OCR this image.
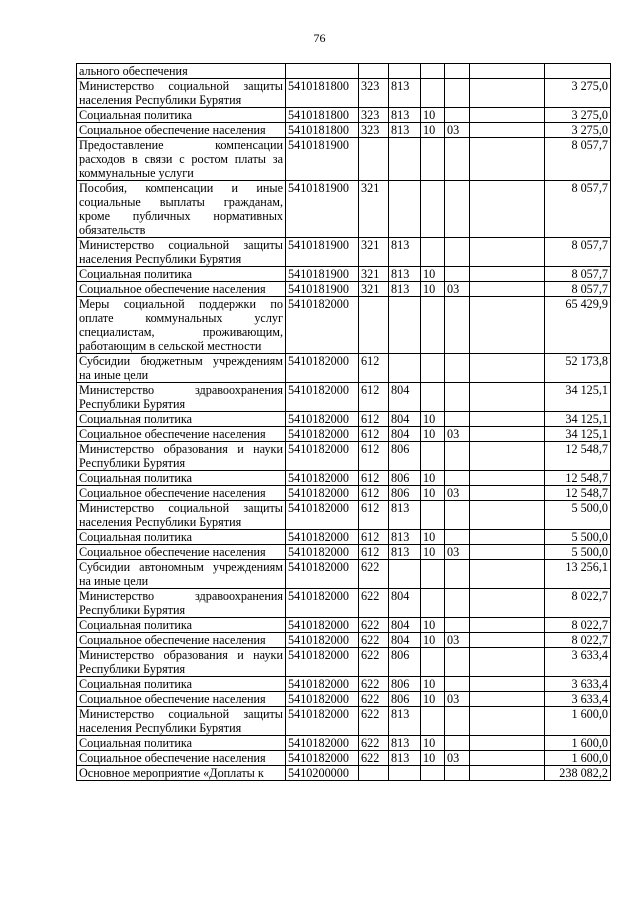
76
ального обеспечения							
Министерство социальной защиты населения Республики Бурятия	5410181800	323	813				3 275,0
Социальная политика	5410181800	323	813	10			3 275,0
Социальное обеспечение населения	5410181800	323	813	10	03		3 275,0
Предоставление компенсации расходов в связи с ростом платы за коммунальные услуги	5410181900						8 057,7
Пособия, компенсации и иные социальные выплаты гражданам, кроме публичных нормативных обязательств	5410181900	321					8 057,7
Министерство социальной защиты населения Республики Бурятия	5410181900	321	813				8 057,7
Социальная политика	5410181900	321	813	10			8 057,7
Социальное обеспечение населения	5410181900	321	813	10	03		8 057,7
Меры социальной поддержки по оплате коммунальных услуг специалистам, проживающим, работающим в сельской местности	5410182000						65 429,9
Субсидии бюджетным учреждениям на иные цели	5410182000	612					52 173,8
Министерство здравоохранения Республики Бурятия	5410182000	612	804				34 125,1
Социальная политика	5410182000	612	804	10			34 125,1
Социальное обеспечение населения	5410182000	612	804	10	03		34 125,1
Министерство образования и науки Республики Бурятия	5410182000	612	806				12 548,7
Социальная политика	5410182000	612	806	10			12 548,7
Социальное обеспечение населения	5410182000	612	806	10	03		12 548,7
Министерство социальной защиты населения Республики Бурятия	5410182000	612	813				5 500,0
Социальная политика	5410182000	612	813	10			5 500,0
Социальное обеспечение населения	5410182000	612	813	10	03		5 500,0
Субсидии автономным учреждениям на иные цели	5410182000	622					13 256,1
Министерство здравоохранения Республики Бурятия	5410182000	622	804				8 022,7
Социальная политика	5410182000	622	804	10			8 022,7
Социальное обеспечение населения	5410182000	622	804	10	03		8 022,7
Министерство образования и науки Республики Бурятия	5410182000	622	806				3 633,4
Социальная политика	5410182000	622	806	10			3 633,4
Социальное обеспечение населения	5410182000	622	806	10	03		3 633,4
Министерство социальной защиты населения Республики Бурятия	5410182000	622	813				1 600,0
Социальная политика	5410182000	622	813	10			1 600,0
Социальное обеспечение населения	5410182000	622	813	10	03		1 600,0
Основное мероприятие «Доплаты к	5410200000						238 082,2
